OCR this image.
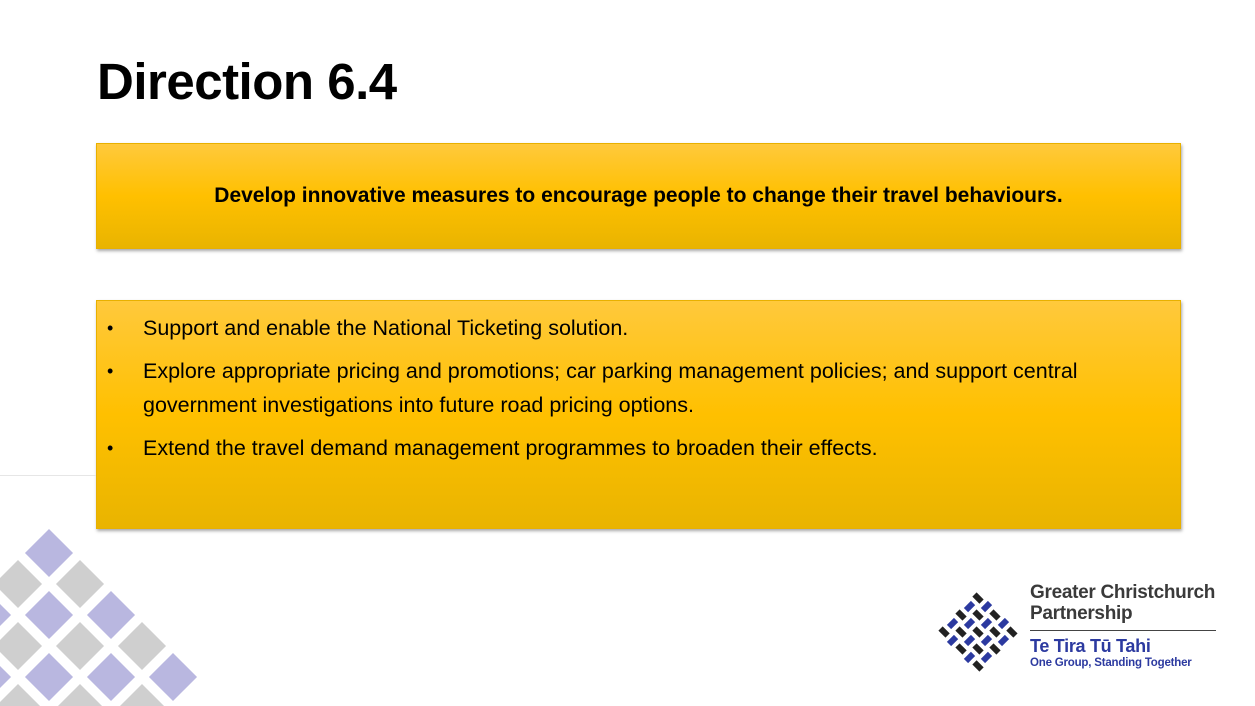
Direction 6.4
Develop innovative measures to encourage people to change their travel behaviours.
• Support and enable the National Ticketing solution.
• Explore appropriate pricing and promotions; car parking management policies; and support central government investigations into future road pricing options.
• Extend the travel demand management programmes to broaden their effects.
Greater Christchurch
Partnership
Te Tira Tū Tahi
One Group, Standing Together
